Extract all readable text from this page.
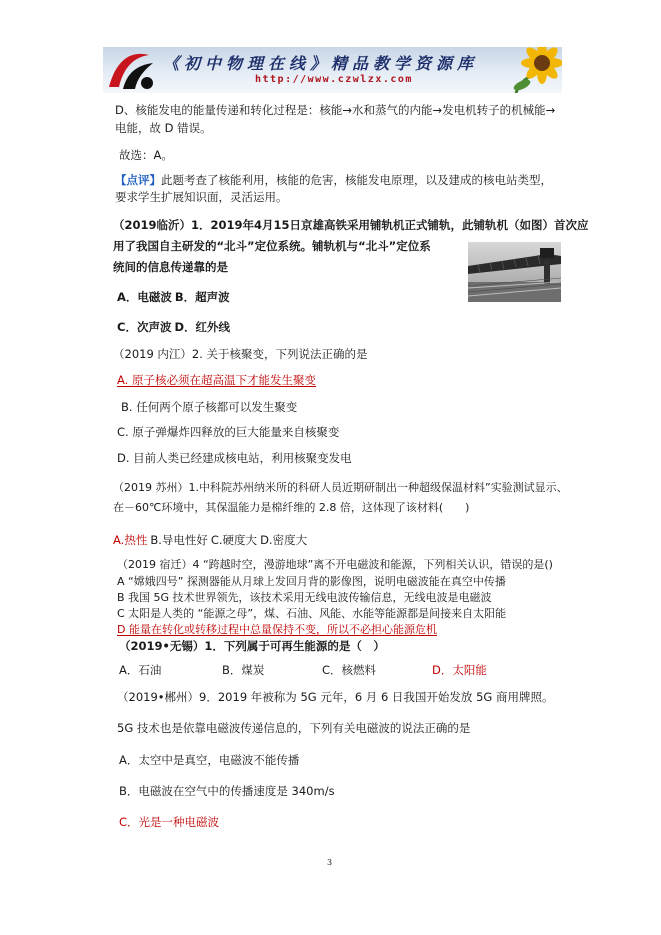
《初中物理在线》精品教学资源库
http://www.czwlzx.com
D、核能发电的能量传递和转化过程是：核能→水和蒸气的内能→发电机转子的机械能→
电能，故 D 错误。
故选：A。
【点评】此题考查了核能利用，核能的危害，核能发电原理，以及建成的核电站类型，
要求学生扩展知识面，灵活运用。
（2019临沂）1．2019年4月15日京雄高铁采用铺轨机正式铺轨，此铺轨机（如图）首次应
用了我国自主研发的“北斗”定位系统。铺轨机与“北斗”定位系
统间的信息传递靠的是
A．电磁波 B．超声波
C．次声波 D．红外线
（2019 内江）2. 关于核聚变，下列说法正确的是
A. 原子核必须在超高温下才能发生聚变
B. 任何两个原子核都可以发生聚变
C. 原子弹爆炸四释放的巨大能量来自核聚变
D. 目前人类已经建成核电站，利用核聚变发电
（2019 苏州）1.中科院苏州纳米所的科研人员近期研制出一种超级保温材料”实验测试显示、
在－60℃环境中，其保温能力是棉纤维的 2.8 倍，这体现了该材料(　　)
A.热性 B.导电性好 C.硬度大 D.密度大
（2019 宿迁）4 “跨越时空，漫游地球”离不开电磁波和能源，下列相关认识，错误的是()
A “嫦娥四号” 探测器能从月球上发回月背的影像图，说明电磁波能在真空中传播
B 我国 5G 技术世界领先，该技术采用无线电波传输信息，无线电波是电磁波
C 太阳是人类的 “能源之母”，煤、石油、风能、水能等能源都是间接来自太阳能
D 能量在转化或转移过程中总量保持不变，所以不必担心能源危机
（2019•无锡）1．下列属于可再生能源的是（　）
A．石油	B．煤炭	C．核燃料	D．太阳能
（2019•郴州）9．2019 年被称为 5G 元年，6 月 6 日我国开始发放 5G 商用牌照。
5G 技术也是依靠电磁波传递信息的，下列有关电磁波的说法正确的是
A．太空中是真空，电磁波不能传播
B．电磁波在空气中的传播速度是 340m/s
C．光是一种电磁波
3
